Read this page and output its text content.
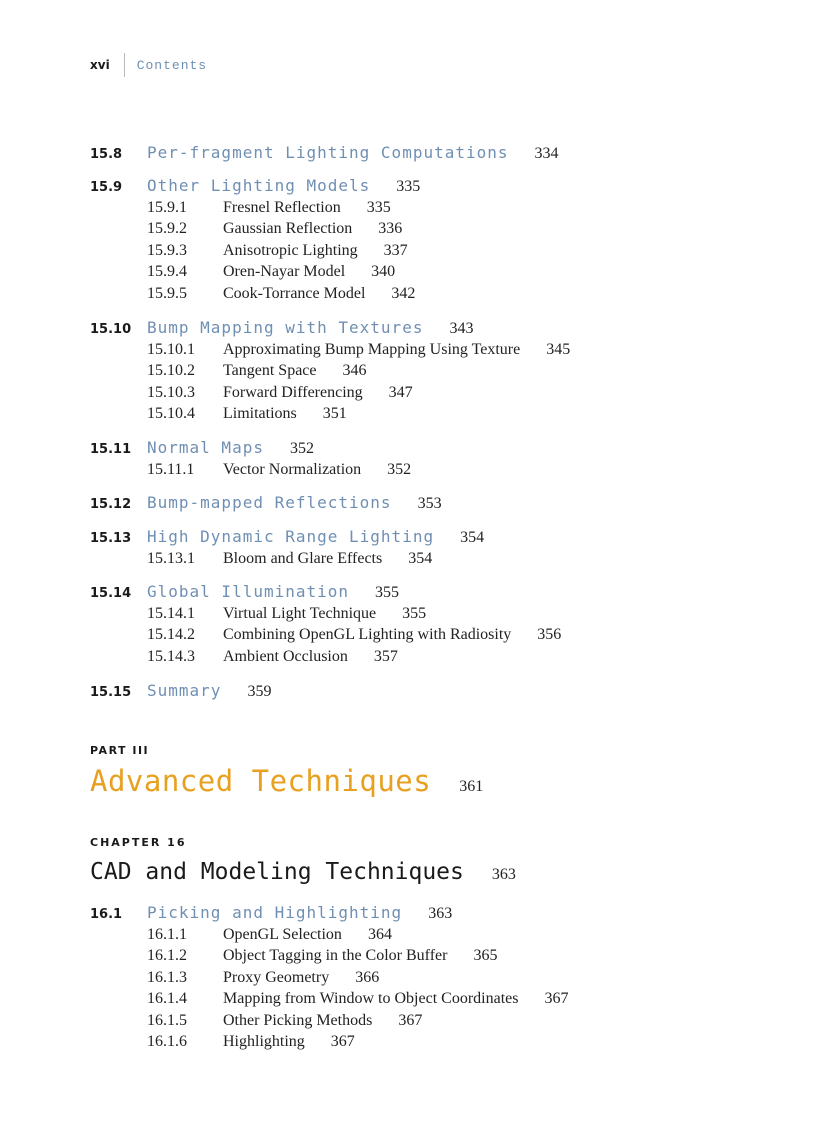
xvi Contents
15.8	Per-fragment Lighting Computations 334
15.9	Other Lighting Models 335
15.9.1	Fresnel Reflection 335
15.9.2	Gaussian Reflection 336
15.9.3	Anisotropic Lighting 337
15.9.4	Oren-Nayar Model 340
15.9.5	Cook-Torrance Model 342
15.10 Bump Mapping with Textures 343
15.10.1	Approximating Bump Mapping Using Texture 345
15.10.2	Tangent Space 346
15.10.3	Forward Differencing 347
15.10.4	Limitations 351
15.11 Normal Maps 352
15.11.1	Vector Normalization 352
15.12 Bump-mapped Reflections 353
15.13 High Dynamic Range Lighting 354
15.13.1	Bloom and Glare Effects 354
15.14 Global Illumination 355
15.14.1	Virtual Light Technique 355
15.14.2	Combining OpenGL Lighting with Radiosity 356
15.14.3	Ambient Occlusion 357
15.15 Summary 359
PART III
Advanced Techniques 361
CHAPTER 16
CAD and Modeling Techniques 363
16.1	Picking and Highlighting 363
16.1.1	OpenGL Selection 364
16.1.2	Object Tagging in the Color Buffer 365
16.1.3	Proxy Geometry 366
16.1.4	Mapping from Window to Object Coordinates 367
16.1.5	Other Picking Methods 367
16.1.6	Highlighting 367
